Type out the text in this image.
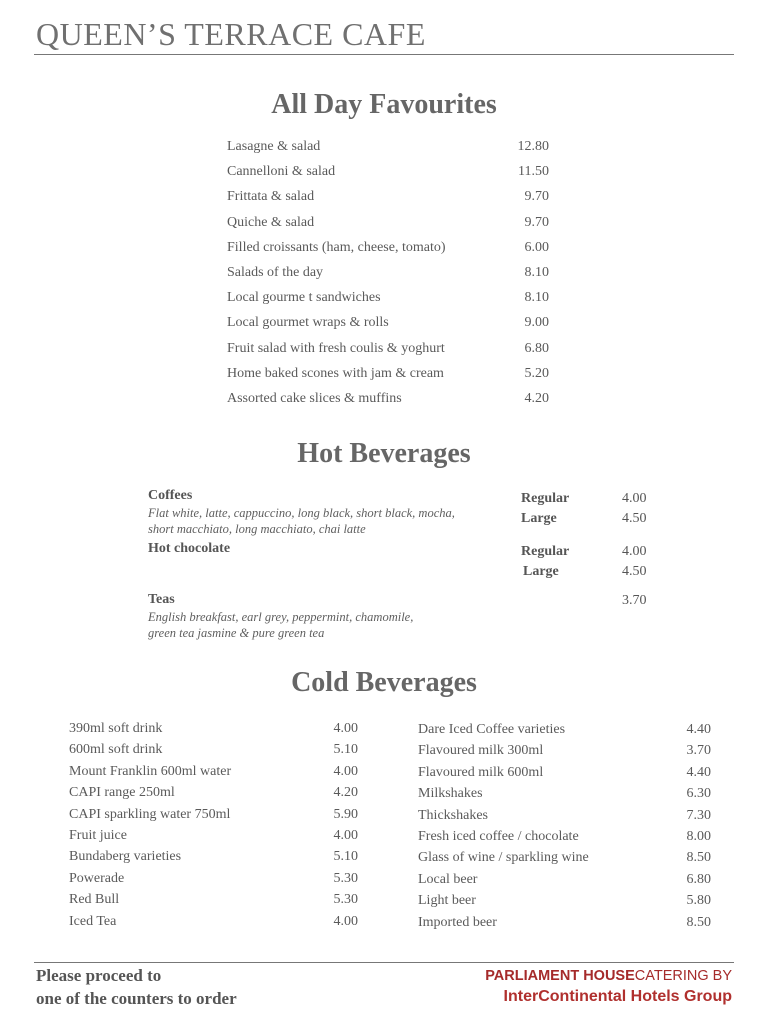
QUEEN’S TERRACE CAFE
All Day Favourites
Lasagne & salad	12.80
Cannelloni & salad	11.50
Frittata & salad	9.70
Quiche & salad	9.70
Filled croissants (ham, cheese, tomato)	6.00
Salads of the day	8.10
Local gourme t sandwiches	8.10
Local gourmet wraps & rolls	9.00
Fruit salad with fresh coulis & yoghurt	6.80
Home baked scones with jam & cream	5.20
Assorted cake slices & muffins	4.20
Hot Beverages
Coffees
Flat white, latte, cappuccino, long black, short black, mocha,
short macchiato, long macchiato, chai latte
Regular	4.00
Large	4.50
Hot chocolate	Regular	4.00
Large	4.50
Teas
English breakfast, earl grey, peppermint, chamomile,
green tea jasmine & pure green tea
3.70
Cold Beverages
390ml soft drink	4.00
600ml soft drink	5.10
Mount Franklin 600ml water	4.00
CAPI range 250ml	4.20
CAPI sparkling water 750ml	5.90
Fruit juice	4.00
Bundaberg varieties	5.10
Powerade	5.30
Red Bull	5.30
Iced Tea	4.00
Dare Iced Coffee varieties	4.40
Flavoured milk 300ml	3.70
Flavoured milk 600ml	4.40
Milkshakes	6.30
Thickshakes	7.30
Fresh iced coffee / chocolate	8.00
Glass of wine / sparkling wine	8.50
Local beer	6.80
Light beer	5.80
Imported beer	8.50
Please proceed to
one of the counters to order
PARLIAMENT HOUSECATERING BY
InterContinental Hotels Group
